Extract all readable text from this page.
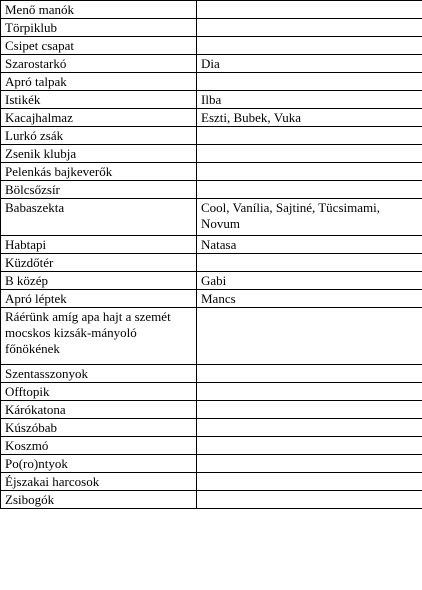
Menő manók	
Törpiklub	
Csipet csapat	
Szarostarkó	Dia
Apró talpak	
Istikék	Ilba
Kacajhalmaz	Eszti, Bubek, Vuka
Lurkó zsák	
Zsenik klubja	
Pelenkás bajkeverők	
Bölcsőzsír	
Babaszekta	Cool, Vanília, Sajtiné, Tücsimami, Novum
Habtapi	Natasa
Küzdőtér	
B közép	Gabi
Apró léptek	Mancs
Ráérünk amíg apa hajt a szemét mocskos kizsák-mányoló főnökének	
Szentasszonyok	
Offtopik	
Kárókatona	
Kúszóbab	
Koszmó	
Po(ro)ntyok	
Éjszakai harcosok	
Zsibogók	
